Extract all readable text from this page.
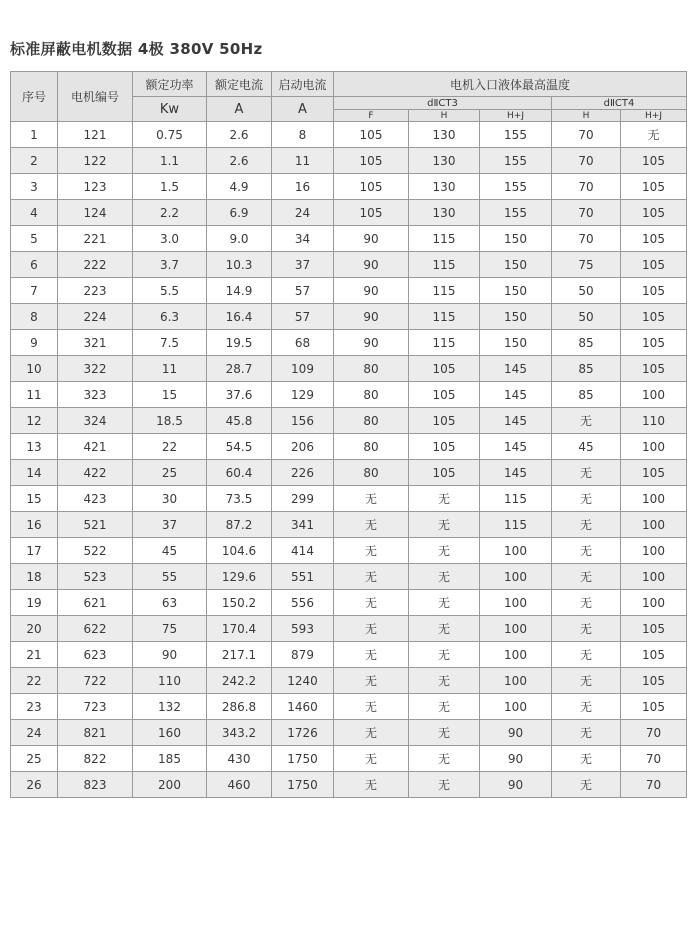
标准屏蔽电机数据 4极 380V 50Hz
序号	电机编号	额定功率	额定电流	启动电流	电机入口液体最高温度				
		Kw	A	A	dⅡCT3			dⅡCT4	
					F	H	H+J	H	H+J
1	121	0.75	2.6	8	105	130	155	70	无
2	122	1.1	2.6	11	105	130	155	70	105
3	123	1.5	4.9	16	105	130	155	70	105
4	124	2.2	6.9	24	105	130	155	70	105
5	221	3.0	9.0	34	90	115	150	70	105
6	222	3.7	10.3	37	90	115	150	75	105
7	223	5.5	14.9	57	90	115	150	50	105
8	224	6.3	16.4	57	90	115	150	50	105
9	321	7.5	19.5	68	90	115	150	85	105
10	322	11	28.7	109	80	105	145	85	105
11	323	15	37.6	129	80	105	145	85	100
12	324	18.5	45.8	156	80	105	145	无	110
13	421	22	54.5	206	80	105	145	45	100
14	422	25	60.4	226	80	105	145	无	105
15	423	30	73.5	299	无	无	115	无	100
16	521	37	87.2	341	无	无	115	无	100
17	522	45	104.6	414	无	无	100	无	100
18	523	55	129.6	551	无	无	100	无	100
19	621	63	150.2	556	无	无	100	无	100
20	622	75	170.4	593	无	无	100	无	105
21	623	90	217.1	879	无	无	100	无	105
22	722	110	242.2	1240	无	无	100	无	105
23	723	132	286.8	1460	无	无	100	无	105
24	821	160	343.2	1726	无	无	90	无	70
25	822	185	430	1750	无	无	90	无	70
26	823	200	460	1750	无	无	90	无	70
